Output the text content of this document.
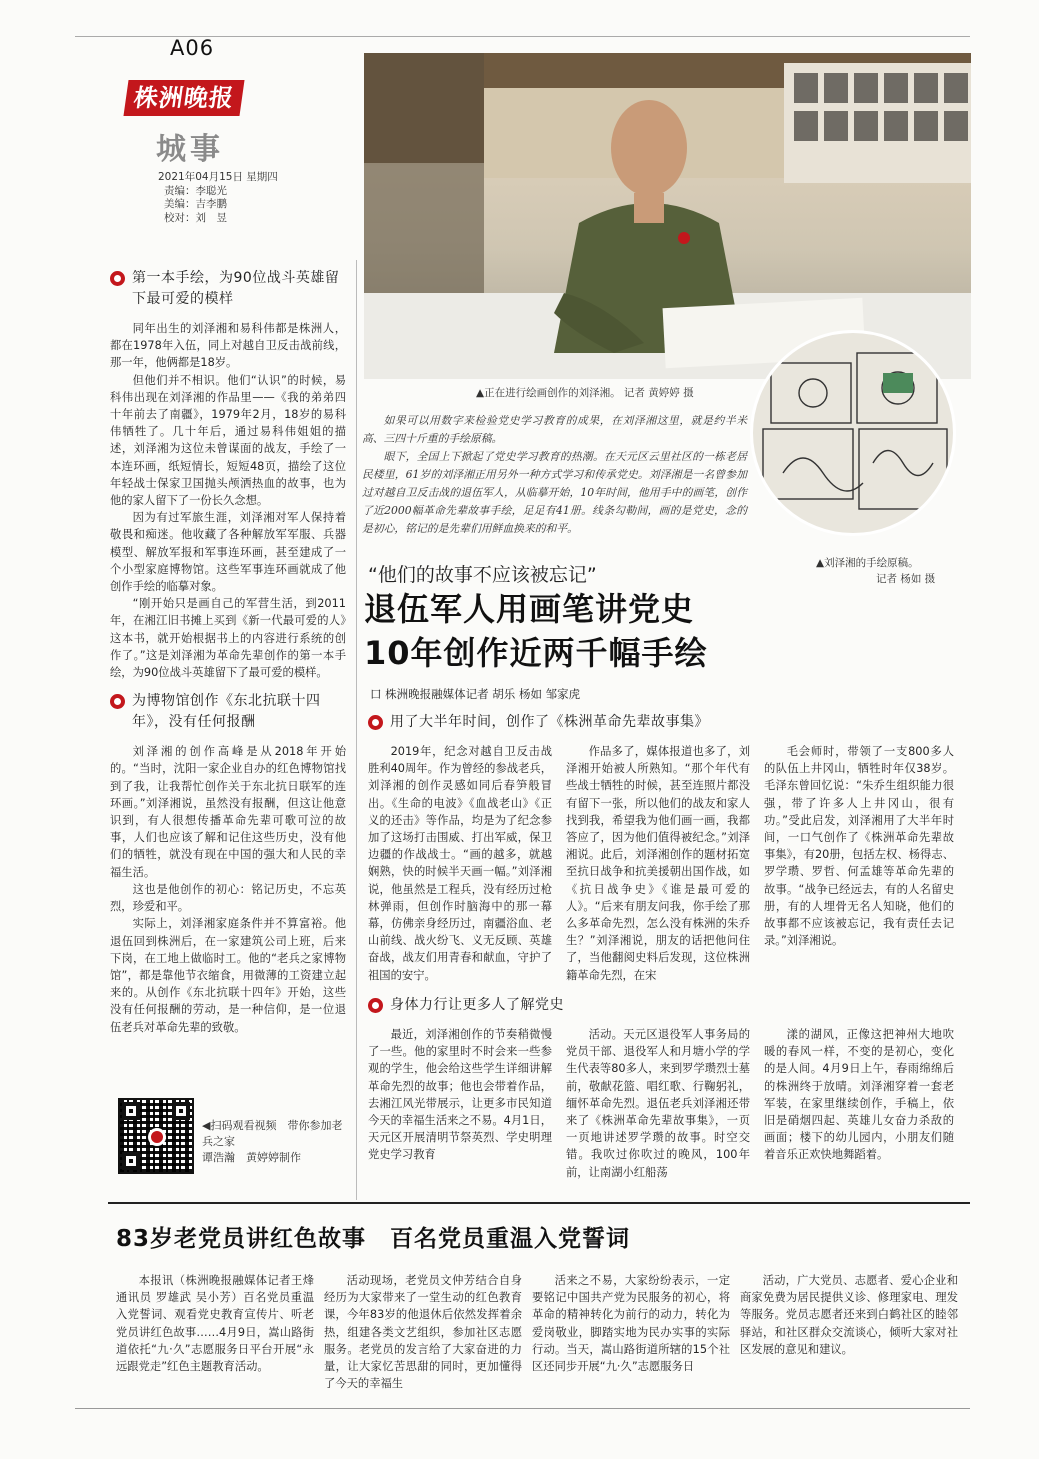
A06
株洲晚报
城事
2021年04月15日 星期四
责编：李聪光
美编：吉李鹏
校对：刘　昱
▲正在进行绘画创作的刘泽湘。 记者 黄婷婷 摄
▲刘泽湘的手绘原稿。
记者 杨如 摄

如果可以用数字来检验党史学习教育的成果，在刘泽湘这里，就是约半米高、三四十斤重的手绘原稿。

眼下，全国上下掀起了党史学习教育的热潮。在天元区云里社区的一栋老居民楼里，61岁的刘泽湘正用另外一种方式学习和传承党史。刘泽湘是一名曾参加过对越自卫反击战的退伍军人，从临摹开始，10年时间，他用手中的画笔，创作了近2000幅革命先辈故事手绘，足足有41册。线条勾勒间，画的是党史，念的是初心，铭记的是先辈们用鲜血换来的和平。

“他们的故事不应该被忘记”
退伍军人用画笔讲党史
10年创作近两千幅手绘
口 株洲晚报融媒体记者 胡乐 杨如 邹家虎
第一本手绘，为90位战斗英雄留下最可爱的模样

同年出生的刘泽湘和易科伟都是株洲人，都在1978年入伍，同上对越自卫反击战前线，那一年，他俩都是18岁。

但他们并不相识。他们“认识”的时候，易科伟出现在刘泽湘的作品里——《我的弟弟四十年前去了南疆》，1979年2月，18岁的易科伟牺牲了。几十年后，通过易科伟姐姐的描述，刘泽湘为这位未曾谋面的战友，手绘了一本连环画，纸短情长，短短48页，描绘了这位年轻战士保家卫国抛头颅洒热血的故事，也为他的家人留下了一份长久念想。

因为有过军旅生涯，刘泽湘对军人保持着敬畏和痴迷。他收藏了各种解放军军服、兵器模型、解放军报和军事连环画，甚至建成了一个小型家庭博物馆。这些军事连环画就成了他创作手绘的临摹对象。

“刚开始只是画自己的军营生活，到2011年，在湘江旧书摊上买到《新一代最可爱的人》这本书，就开始根据书上的内容进行系统的创作了。”这是刘泽湘为革命先辈创作的第一本手绘，为90位战斗英雄留下了最可爱的模样。

为博物馆创作《东北抗联十四年》，没有任何报酬

刘泽湘的创作高峰是从2018年开始的。“当时，沈阳一家企业自办的红色博物馆找到了我，让我帮忙创作关于东北抗日联军的连环画。”刘泽湘说，虽然没有报酬，但这让他意识到，有人很想传播革命先辈可歌可泣的故事，人们也应该了解和记住这些历史，没有他们的牺牲，就没有现在中国的强大和人民的幸福生活。

这也是他创作的初心：铭记历史，不忘英烈，珍爱和平。

实际上，刘泽湘家庭条件并不算富裕。他退伍回到株洲后，在一家建筑公司上班，后来下岗，在工地上做临时工。他的“老兵之家博物馆”，都是靠他节衣缩食，用微薄的工资建立起来的。从创作《东北抗联十四年》开始，这些没有任何报酬的劳动，是一种信仰，是一位退伍老兵对革命先辈的致敬。

◀扫码观看视频　带你参加老兵之家
谭浩瀚　黄婷婷制作
用了大半年时间，创作了《株洲革命先辈故事集》

2019年，纪念对越自卫反击战胜利40周年。作为曾经的参战老兵，刘泽湘的创作灵感如同后春笋般冒出。《生命的电波》《血战老山》《正义的还击》等作品，均是为了纪念参加了这场打击围威、打出军威，保卫边疆的作战战士。“画的越多，就越娴熟，快的时候半天画一幅。”刘泽湘说，他虽然是工程兵，没有经历过枪林弹雨，但创作时脑海中的那一幕幕，仿佛亲身经历过，南疆浴血、老山前线、战火纷飞、义无反顾、英雄奋战，战友们用青春和献血，守护了祖国的安宁。

作品多了，媒体报道也多了，刘泽湘开始被人所熟知。“那个年代有些战士牺牲的时候，甚至连照片都没有留下一张，所以他们的战友和家人找到我，希望我为他们画一画，我都答应了，因为他们值得被纪念。”刘泽湘说。此后，刘泽湘创作的题材拓宽至抗日战争和抗美援朝出国作战，如《抗日战争史》《谁是最可爱的人》。“后来有朋友问我，你手绘了那么多革命先烈，怎么没有株洲的朱乔生？”刘泽湘说，朋友的话把他问住了，当他翻阅史料后发现，这位株洲籍革命先烈，在宋

毛会师时，带领了一支800多人的队伍上井冈山，牺牲时年仅38岁。毛泽东曾回忆说：“朱乔生组织能力很强，带了许多人上井冈山，很有功。”受此启发，刘泽湘用了大半年时间，一口气创作了《株洲革命先辈故事集》，有20册，包括左权、杨得志、罗学瓒、罗哲、何孟雄等革命先辈的故事。“战争已经远去，有的人名留史册，有的人埋骨无名人知晓，他们的故事都不应该被忘记，我有责任去记录。”刘泽湘说。

身体力行让更多人了解党史

最近，刘泽湘创作的节奏稍微慢了一些。他的家里时不时会来一些参观的学生，他会给这些学生详细讲解革命先烈的故事；他也会带着作品，去湘江风光带展示，让更多市民知道今天的幸福生活来之不易。4月1日，天元区开展清明节祭英烈、学史明理党史学习教育

活动。天元区退役军人事务局的党员干部、退役军人和月塘小学的学生代表等80多人，来到罗学瓒烈士墓前，敬献花篮、唱红歌、行鞠躬礼，缅怀革命先烈。退伍老兵刘泽湘还带来了《株洲革命先辈故事集》，一页一页地讲述罗学瓒的故事。时空交错。我吹过你吹过的晚风，100年前，让南湖小红船荡

漾的湖风，正像这把神州大地吹暖的春风一样，不变的是初心，变化的是人间。4月9日上午，春雨绵绵后的株洲终于放晴。刘泽湘穿着一套老军装，在家里继续创作，手稿上，依旧是硝烟四起、英雄儿女奋力杀敌的画面；楼下的幼儿园内，小朋友们随着音乐正欢快地舞蹈着。

83岁老党员讲红色故事　百名党员重温入党誓词

本报讯（株洲晚报融媒体记者王烽 通讯员 罗雄武 吴小芳）百名党员重温入党誓词、观看党史教育宣传片、听老党员讲红色故事……4月9日，嵩山路街道依托“九·久”志愿服务日平台开展“永远跟党走”红色主题教育活动。

活动现场，老党员文仲芳结合自身经历为大家带来了一堂生动的红色教育课，今年83岁的他退休后依然发挥着余热，组建各类文艺组织，参加社区志愿服务。老党员的发言给了大家奋进的力量，让大家忆苦思甜的同时，更加懂得了今天的幸福生

活来之不易，大家纷纷表示，一定要铭记中国共产党为民服务的初心，将革命的精神转化为前行的动力，转化为爱岗敬业，脚踏实地为民办实事的实际行动。当天，嵩山路街道所辖的15个社区还同步开展“九·久”志愿服务日

活动，广大党员、志愿者、爱心企业和商家免费为居民提供义诊、修理家电、理发等服务。党员志愿者还来到白鹤社区的睦邻驿站，和社区群众交流谈心，倾听大家对社区发展的意见和建议。
